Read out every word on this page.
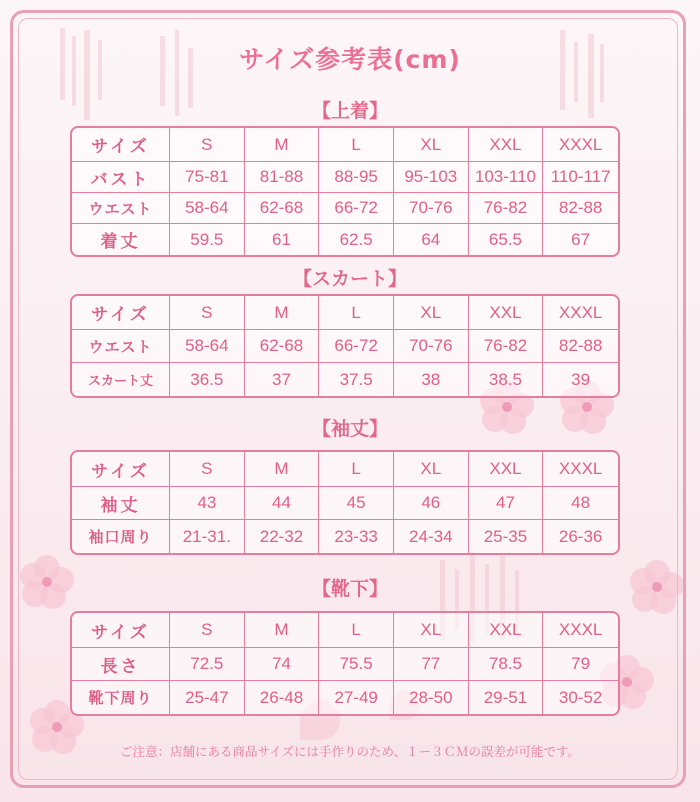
サイズ参考表(cm)
【上着】
サイズ	S	M	L	XL	XXL	XXXL
バスト	75-81	81-88	88-95	95-103	103-110	110-117
ウエスト	58-64	62-68	66-72	70-76	76-82	82-88
着丈	59.5	61	62.5	64	65.5	67
【スカート】
サイズ	S	M	L	XL	XXL	XXXL
ウエスト	58-64	62-68	66-72	70-76	76-82	82-88
スカート丈	36.5	37	37.5	38	38.5	39
【袖丈】
サイズ	S	M	L	XL	XXL	XXXL
袖丈	43	44	45	46	47	48
袖口周り	21-31.	22-32	23-33	24-34	25-35	26-36
【靴下】
サイズ	S	M	L	XL	XXL	XXXL
長さ	72.5	74	75.5	77	78.5	79
靴下周り	25-47	26-48	27-49	28-50	29-51	30-52
ご注意：店舗にある商品サイズには手作りのため、１ー３ＣＭの誤差が可能です。
